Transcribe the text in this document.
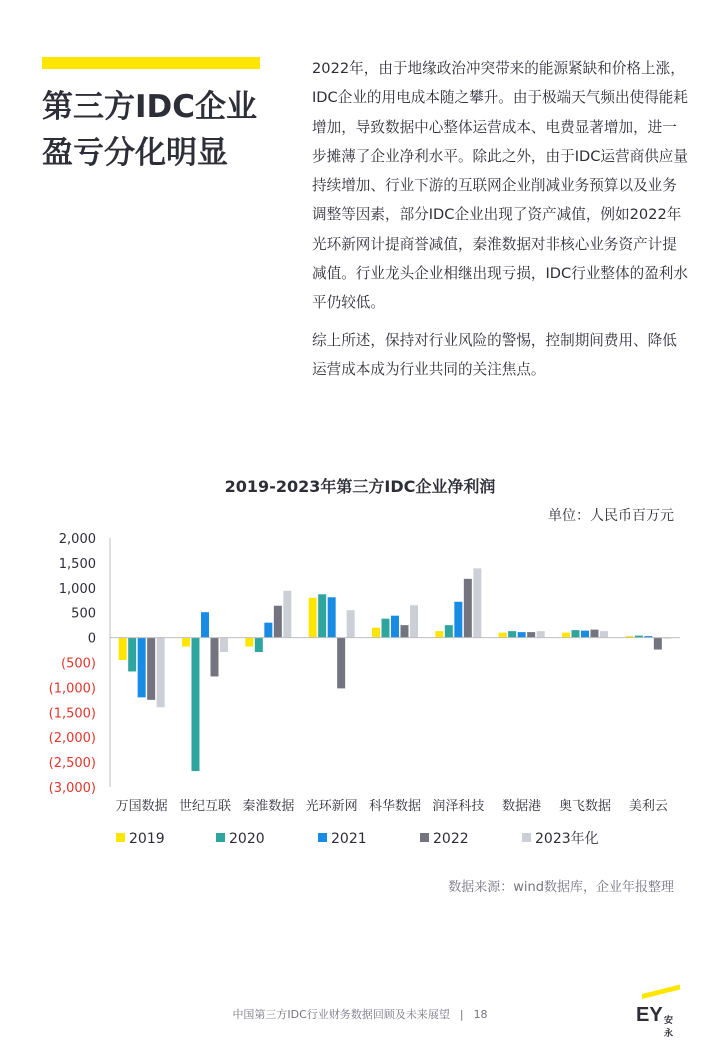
第三方IDC企业
盈亏分化明显

2022年，由于地缘政治冲突带来的能源紧缺和价格上涨，IDC企业的用电成本随之攀升。由于极端天气频出使得能耗增加，导致数据中心整体运营成本、电费显著增加，进一步摊薄了企业净利水平。除此之外，由于IDC运营商供应量持续增加、行业下游的互联网企业削减业务预算以及业务调整等因素，部分IDC企业出现了资产减值，例如2022年光环新网计提商誉减值，秦淮数据对非核心业务资产计提减值。行业龙头企业相继出现亏损，IDC行业整体的盈利水平仍较低。

综上所述，保持对行业风险的警惕，控制期间费用、降低运营成本成为行业共同的关注焦点。

2019-2023年第三方IDC企业净利润
单位：人民币百万元
2,000
1,500
1,000
500
0
(500)
(1,000)
(1,500)
(2,000)
(2,500)
(3,000)
万国数据 世纪互联 秦淮数据 光环新网 科华数据 润泽科技 数据港 奥飞数据 美利云
2019	2020	2021	2022	2023年化
数据来源：wind数据库，企业年报整理
中国第三方IDC行业财务数据回顾及未来展望 | 18	EY 安永
